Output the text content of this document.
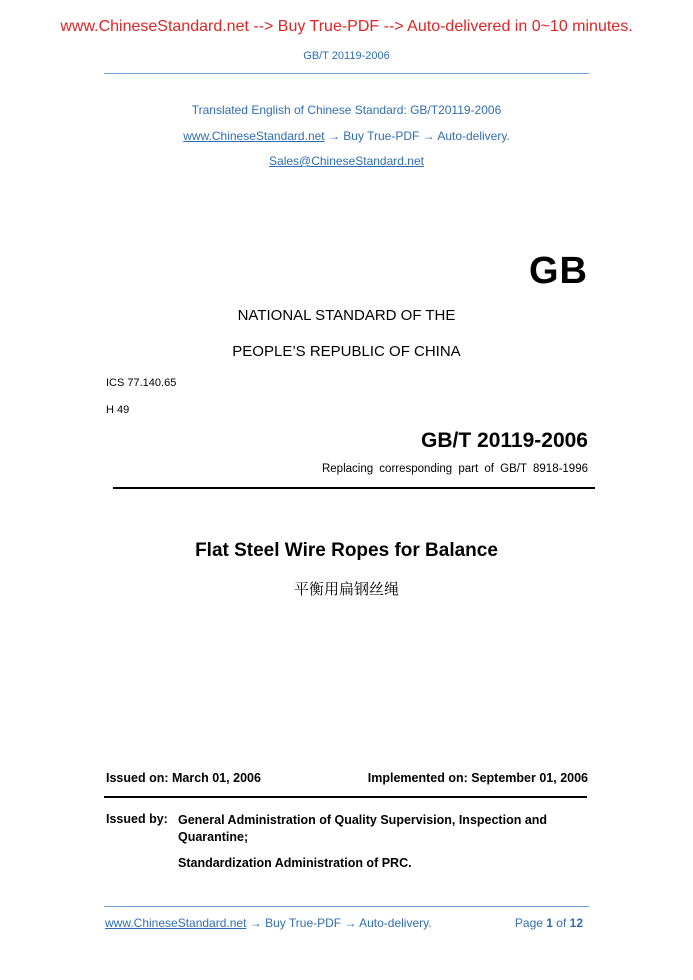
www.ChineseStandard.net --> Buy True-PDF --> Auto-delivered in 0~10 minutes.
GB/T 20119-2006
Translated English of Chinese Standard: GB/T20119-2006
www.ChineseStandard.net → Buy True-PDF → Auto-delivery.
Sales@ChineseStandard.net
GB
NATIONAL STANDARD OF THE
PEOPLE’S REPUBLIC OF CHINA
ICS 77.140.65
H 49
GB/T 20119-2006
Replacing corresponding part of GB/T 8918-1996
Flat Steel Wire Ropes for Balance
平衡用扁钢丝绳
Issued on: March 01, 2006	Implemented on: September 01, 2006
Issued by: General Administration of Quality Supervision, Inspection and Quarantine;
Standardization Administration of PRC.
www.ChineseStandard.net → Buy True-PDF → Auto-delivery.	Page 1 of 12
